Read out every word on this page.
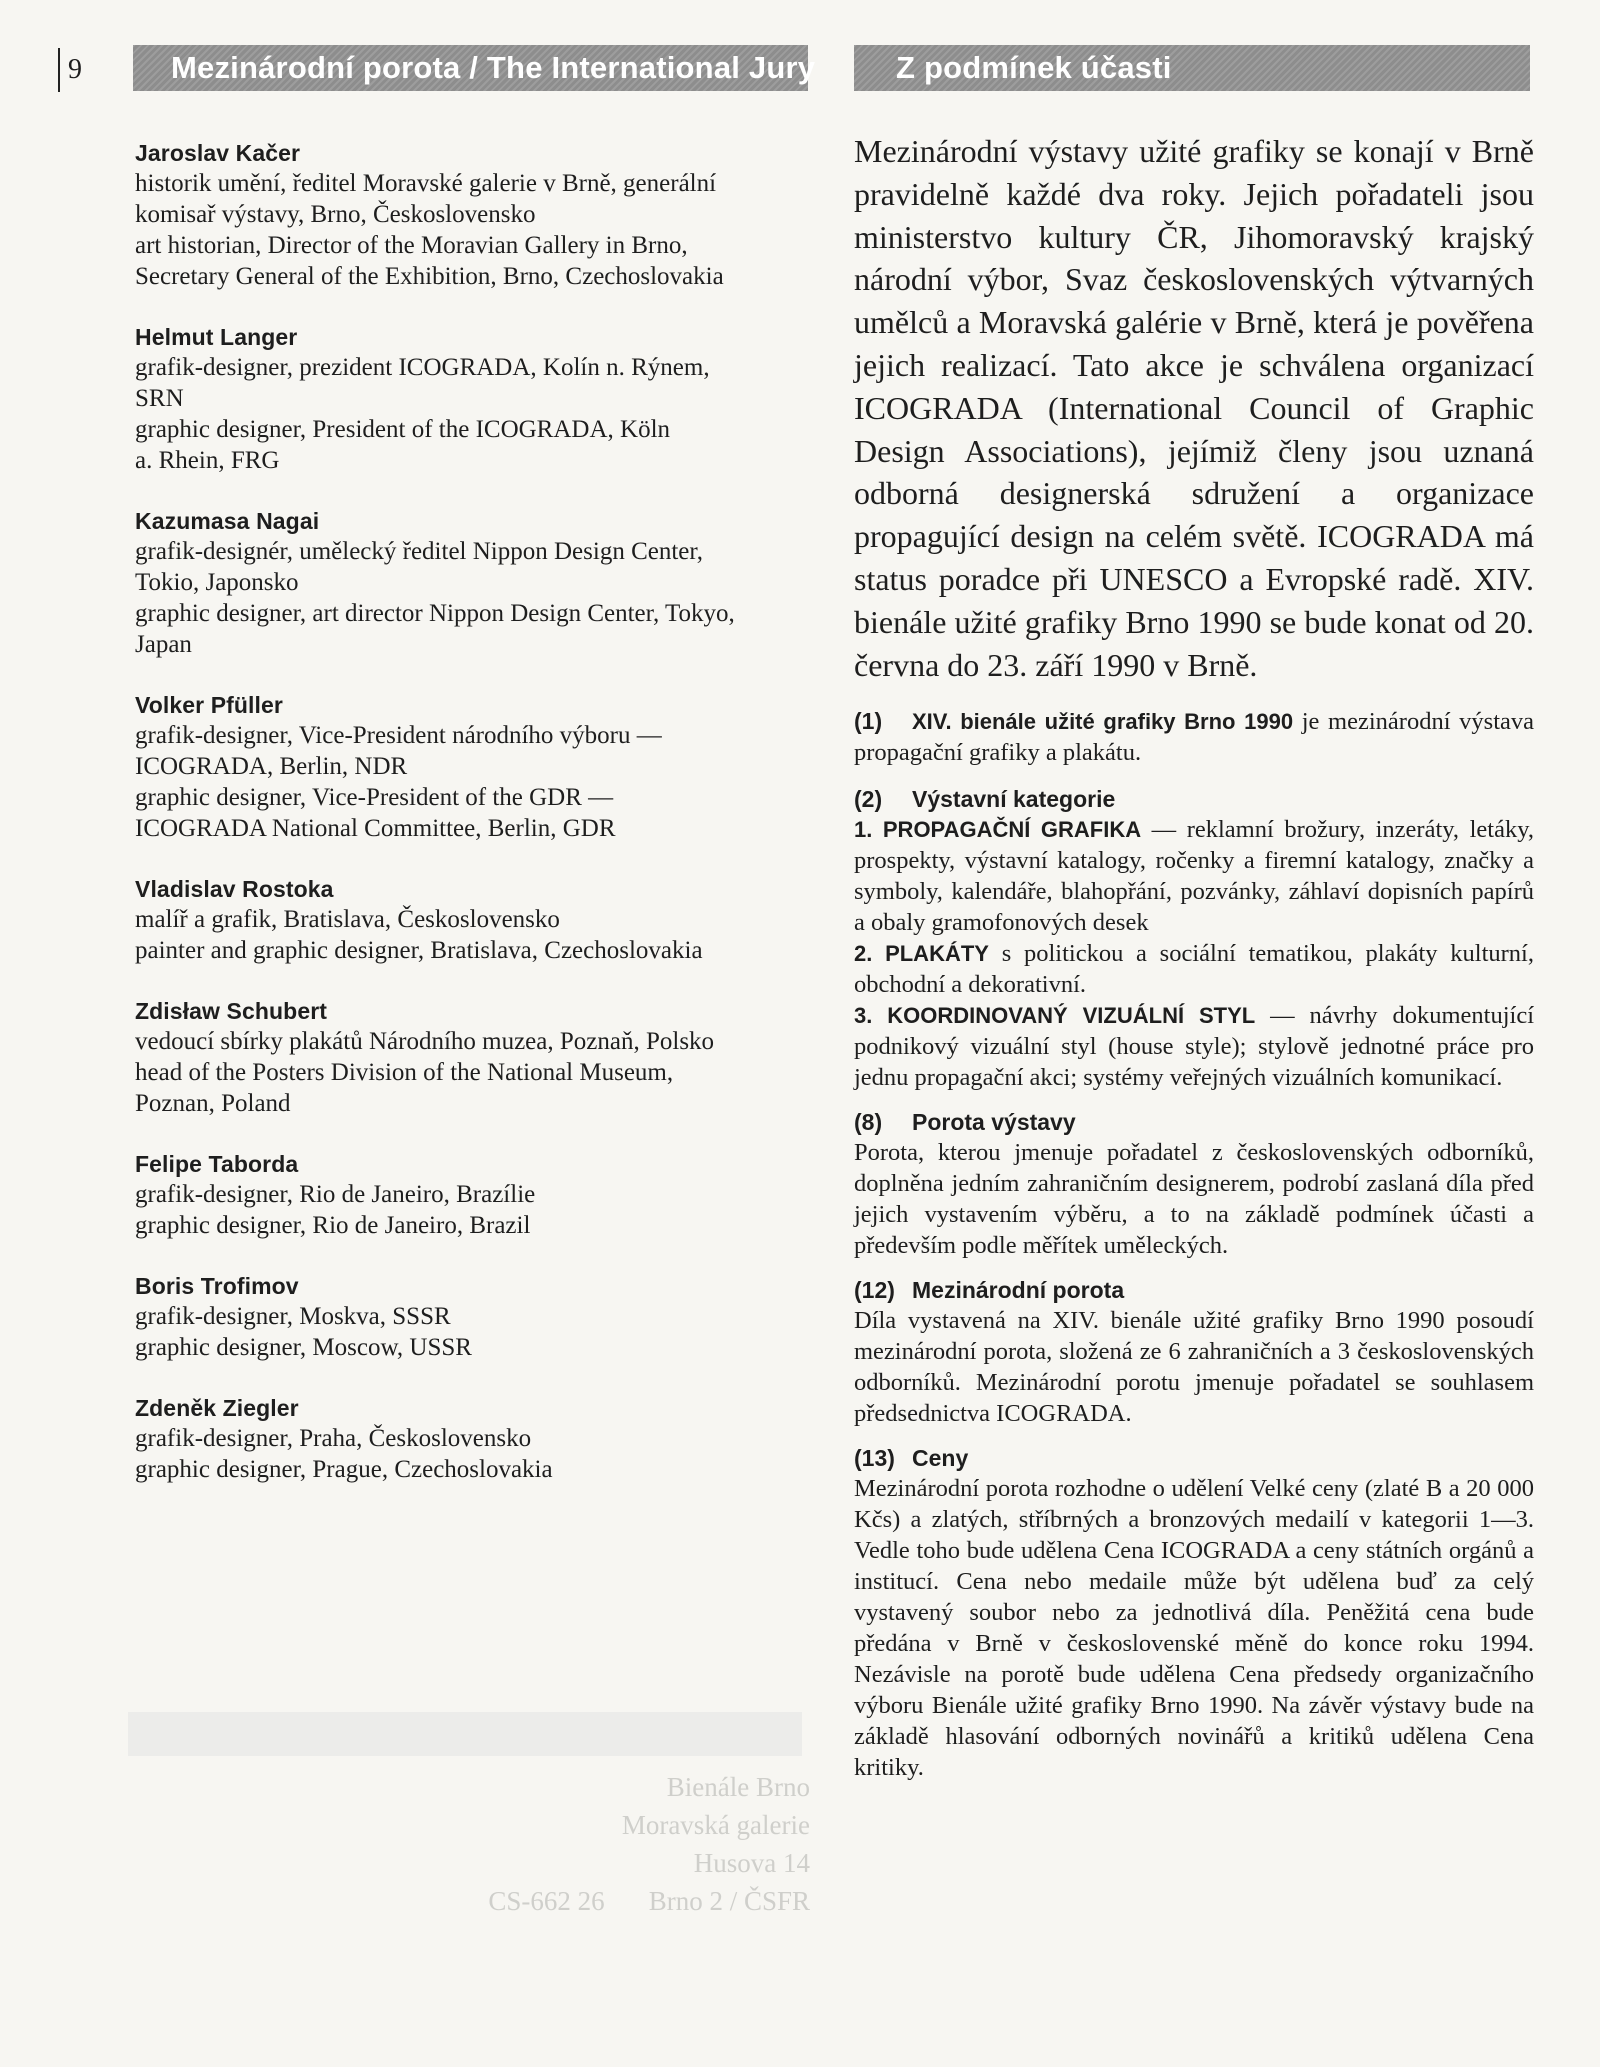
9	Mezinárodní porota / The International Jury	Z podmínek účasti
Jaroslav Kačer
historik umění, ředitel Moravské galerie v Brně, generální
komisař výstavy, Brno, Československo
art historian, Director of the Moravian Gallery in Brno,
Secretary General of the Exhibition, Brno, Czechoslovakia
Helmut Langer
grafik-designer, prezident ICOGRADA, Kolín n. Rýnem,
SRN
graphic designer, President of the ICOGRADA, Köln
a. Rhein, FRG
Kazumasa Nagai
grafik-designér, umělecký ředitel Nippon Design Center,
Tokio, Japonsko
graphic designer, art director Nippon Design Center, Tokyo,
Japan
Volker Pfüller
grafik-designer, Vice-President národního výboru —
ICOGRADA, Berlin, NDR
graphic designer, Vice-President of the GDR —
ICOGRADA National Committee, Berlin, GDR
Vladislav Rostoka
malíř a grafik, Bratislava, Československo
painter and graphic designer, Bratislava, Czechoslovakia
Zdisław Schubert
vedoucí sbírky plakátů Národního muzea, Poznaň, Polsko
head of the Posters Division of the National Museum,
Poznan, Poland
Felipe Taborda
grafik-designer, Rio de Janeiro, Brazílie
graphic designer, Rio de Janeiro, Brazil
Boris Trofimov
grafik-designer, Moskva, SSSR
graphic designer, Moscow, USSR
Zdeněk Ziegler
grafik-designer, Praha, Československo
graphic designer, Prague, Czechoslovakia
Bienále Brno
Moravská galerie
Husova 14
CS-662 26 Brno 2 / ČSFR

Mezinárodní výstavy užité grafiky se konají v Brně pravidelně každé dva roky. Jejich pořadateli jsou ministerstvo kultury ČR, Jihomoravský krajský národní výbor, Svaz československých výtvarných umělců a Moravská galérie v Brně, která je pověřena jejich realizací. Tato akce je schválena organizací ICOGRADA (International Council of Graphic Design Associations), jejímiž členy jsou uznaná odborná designerská sdružení a organizace propagující design na celém světě. ICOGRADA má status poradce při UNESCO a Evropské radě. XIV. bienále užité grafiky Brno 1990 se bude konat od 20. června do 23. září 1990 v Brně.

(1) XIV. bienále užité grafiky Brno 1990 je mezinárodní výstava propagační grafiky a plakátu.
(2) Výstavní kategorie

1. PROPAGAČNÍ GRAFIKA — reklamní brožury, inzeráty, letáky, prospekty, výstavní katalogy, ročenky a firemní katalogy, značky a symboly, kalendáře, blahopřání, pozvánky, záhlaví dopisních papírů a obaly gramofonových desek

2. PLAKÁTY s politickou a sociální tematikou, plakáty kulturní, obchodní a dekorativní.

3. KOORDINOVANÝ VIZUÁLNÍ STYL — návrhy dokumentující podnikový vizuální styl (house style); stylově jednotné práce pro jednu propagační akci; systémy veřejných vizuálních komunikací.

(8) Porota výstavy
Porota, kterou jmenuje pořadatel z československých odborníků, doplněna jedním zahraničním designerem, podrobí zaslaná díla před jejich vystavením výběru, a to na základě podmínek účasti a především podle měřítek uměleckých.
(12) Mezinárodní porota
Díla vystavená na XIV. bienále užité grafiky Brno 1990 posoudí mezinárodní porota, složená ze 6 zahraničních a 3 československých odborníků. Mezinárodní porotu jmenuje pořadatel se souhlasem předsednictva ICOGRADA.
(13) Ceny
Mezinárodní porota rozhodne o udělení Velké ceny (zlaté B a 20 000 Kčs) a zlatých, stříbrných a bronzových medailí v kategorii 1—3. Vedle toho bude udělena Cena ICOGRADA a ceny státních orgánů a institucí. Cena nebo medaile může být udělena buď za celý vystavený soubor nebo za jednotlivá díla. Peněžitá cena bude předána v Brně v československé měně do konce roku 1994. Nezávisle na porotě bude udělena Cena předsedy organizačního výboru Bienále užité grafiky Brno 1990. Na závěr výstavy bude na základě hlasování odborných novinářů a kritiků udělena Cena kritiky.
